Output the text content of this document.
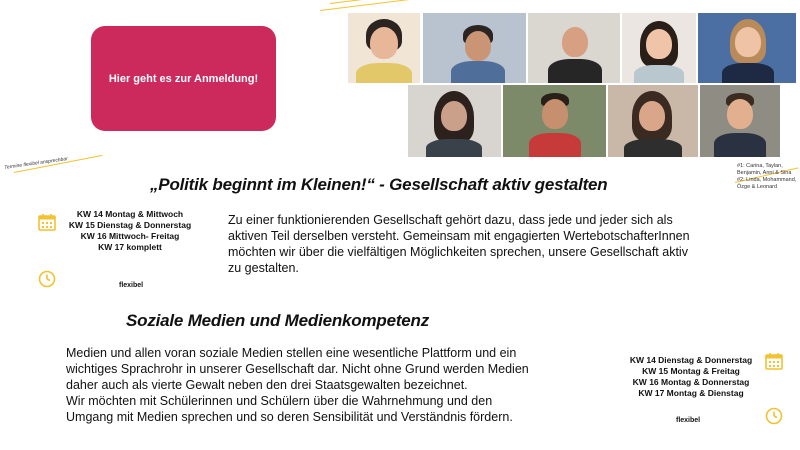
Hier geht es zur Anmeldung!
Termine flexibel ansprechbar	#1: Carina, Taylan,
Benjamin, Anni & Sina
#2: Linda, Mohammand,
Özge & Leonard
„Politik beginnt im Kleinen!“ - Gesellschaft aktiv gestalten
KW 14 Montag & Mittwoch
KW 15 Dienstag & Donnerstag
KW 16 Mittwoch- Freitag
KW 17 komplett
flexibel
Zu einer funktionierenden Gesellschaft gehört dazu, dass jede und jeder sich als
aktiven Teil derselben versteht. Gemeinsam mit engagierten WertebotschafterInnen
möchten wir über die vielfältigen Möglichkeiten sprechen, unsere Gesellschaft aktiv
zu gestalten.
Soziale Medien und Medienkompetenz
Medien und allen voran soziale Medien stellen eine wesentliche Plattform und ein
wichtiges Sprachrohr in unserer Gesellschaft dar. Nicht ohne Grund werden Medien
daher auch als vierte Gewalt neben den drei Staatsgewalten bezeichnet.
Wir möchten mit Schülerinnen und Schülern über die Wahrnehmung und den
Umgang mit Medien sprechen und so deren Sensibilität und Verständnis fördern.
KW 14 Dienstag & Donnerstag
KW 15 Montag & Freitag
KW 16 Montag & Donnerstag
KW 17 Montag & Dienstag
flexibel
